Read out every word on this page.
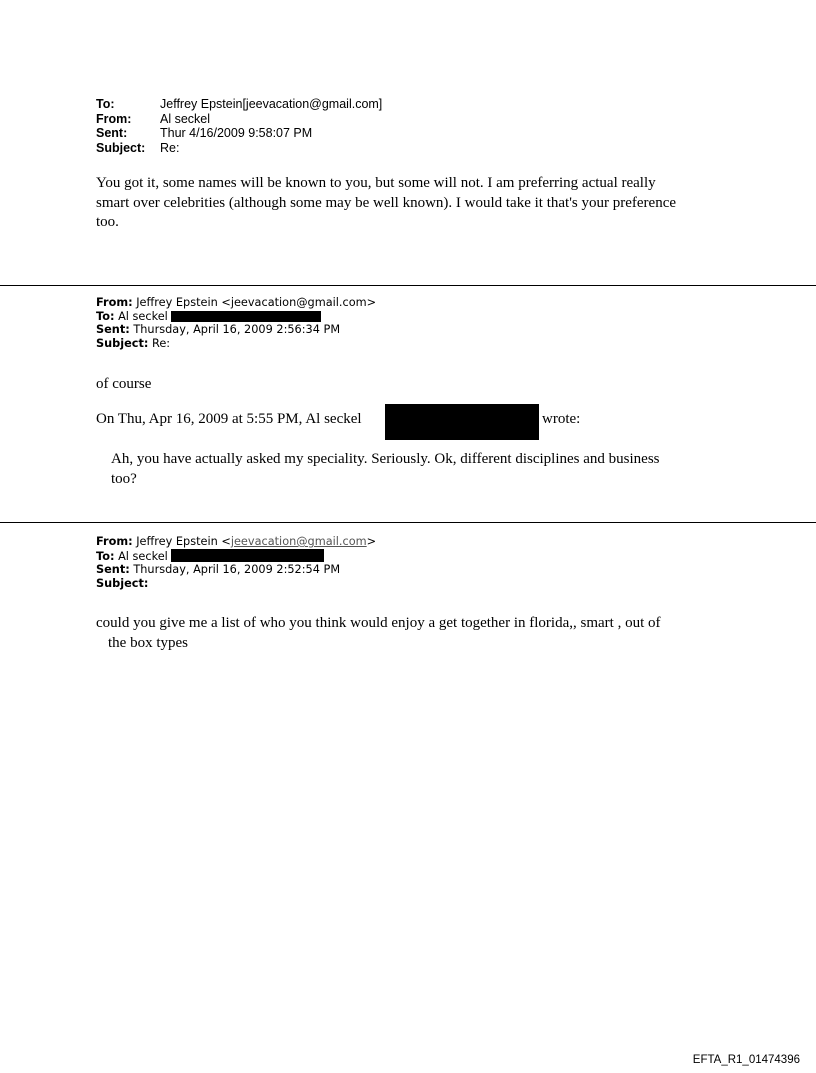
To:	Jeffrey Epstein[jeevacation@gmail.com]
From:	Al seckel
Sent:	Thur 4/16/2009 9:58:07 PM
Subject:	Re:
You got it, some names will be known to you, but some will not. I am preferring actual really
smart over celebrities (although some may be well known). I would take it that's your preference
too.
From: Jeffrey Epstein <jeevacation@gmail.com>
To: Al seckel
Sent: Thursday, April 16, 2009 2:56:34 PM
Subject: Re:
of course
On Thu, Apr 16, 2009 at 5:55 PM, Al seckel	wrote:
Ah, you have actually asked my speciality. Seriously. Ok, different disciplines and business
too?
From: Jeffrey Epstein <jeevacation@gmail.com>
To: Al seckel
Sent: Thursday, April 16, 2009 2:52:54 PM
Subject:
could you give me a list of who you think would enjoy a get together in florida,, smart , out of
the box types
EFTA_R1_01474396
